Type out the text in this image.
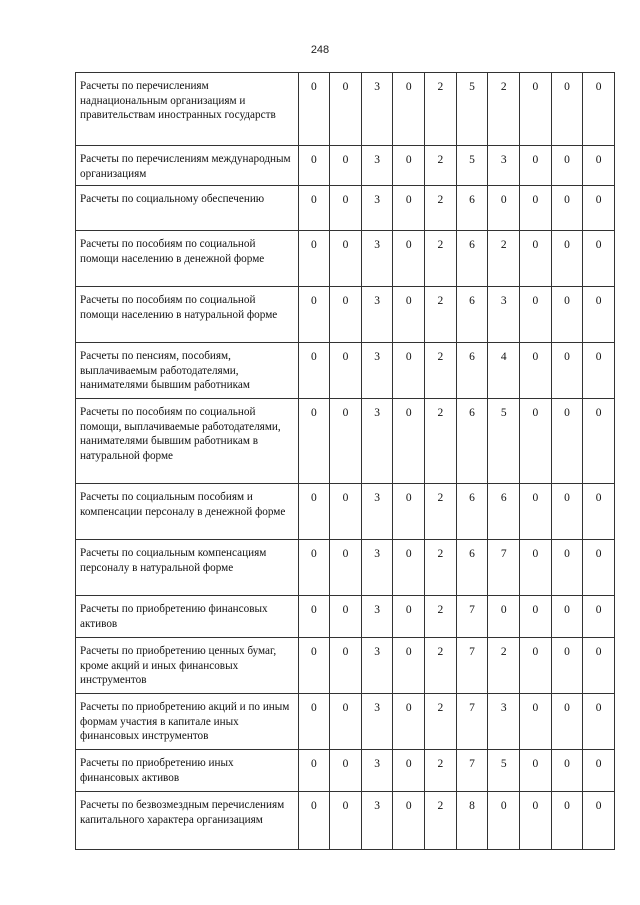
248
Расчеты по перечислениям наднациональным организациям и правительствам иностранных государств	0	0	3	0	2	5	2	0	0	0
Расчеты по перечислениям международным организациям	0	0	3	0	2	5	3	0	0	0
Расчеты по социальному обеспечению	0	0	3	0	2	6	0	0	0	0
Расчеты по пособиям по социальной помощи населению в денежной форме	0	0	3	0	2	6	2	0	0	0
Расчеты по пособиям по социальной помощи населению в натуральной форме	0	0	3	0	2	6	3	0	0	0
Расчеты по пенсиям, пособиям, выплачиваемым работодателями, нанимателями бывшим работникам	0	0	3	0	2	6	4	0	0	0
Расчеты по пособиям по социальной помощи, выплачиваемые работодателями, нанимателями бывшим работникам в натуральной форме	0	0	3	0	2	6	5	0	0	0
Расчеты по социальным пособиям и компенсации персоналу в денежной форме	0	0	3	0	2	6	6	0	0	0
Расчеты по социальным компенсациям персоналу в натуральной форме	0	0	3	0	2	6	7	0	0	0
Расчеты по приобретению финансовых активов	0	0	3	0	2	7	0	0	0	0
Расчеты по приобретению ценных бумаг, кроме акций и иных финансовых инструментов	0	0	3	0	2	7	2	0	0	0
Расчеты по приобретению акций и по иным формам участия в капитале иных финансовых инструментов	0	0	3	0	2	7	3	0	0	0
Расчеты по приобретению иных финансовых активов	0	0	3	0	2	7	5	0	0	0
Расчеты по безвозмездным перечислениям капитального характера организациям	0	0	3	0	2	8	0	0	0	0
